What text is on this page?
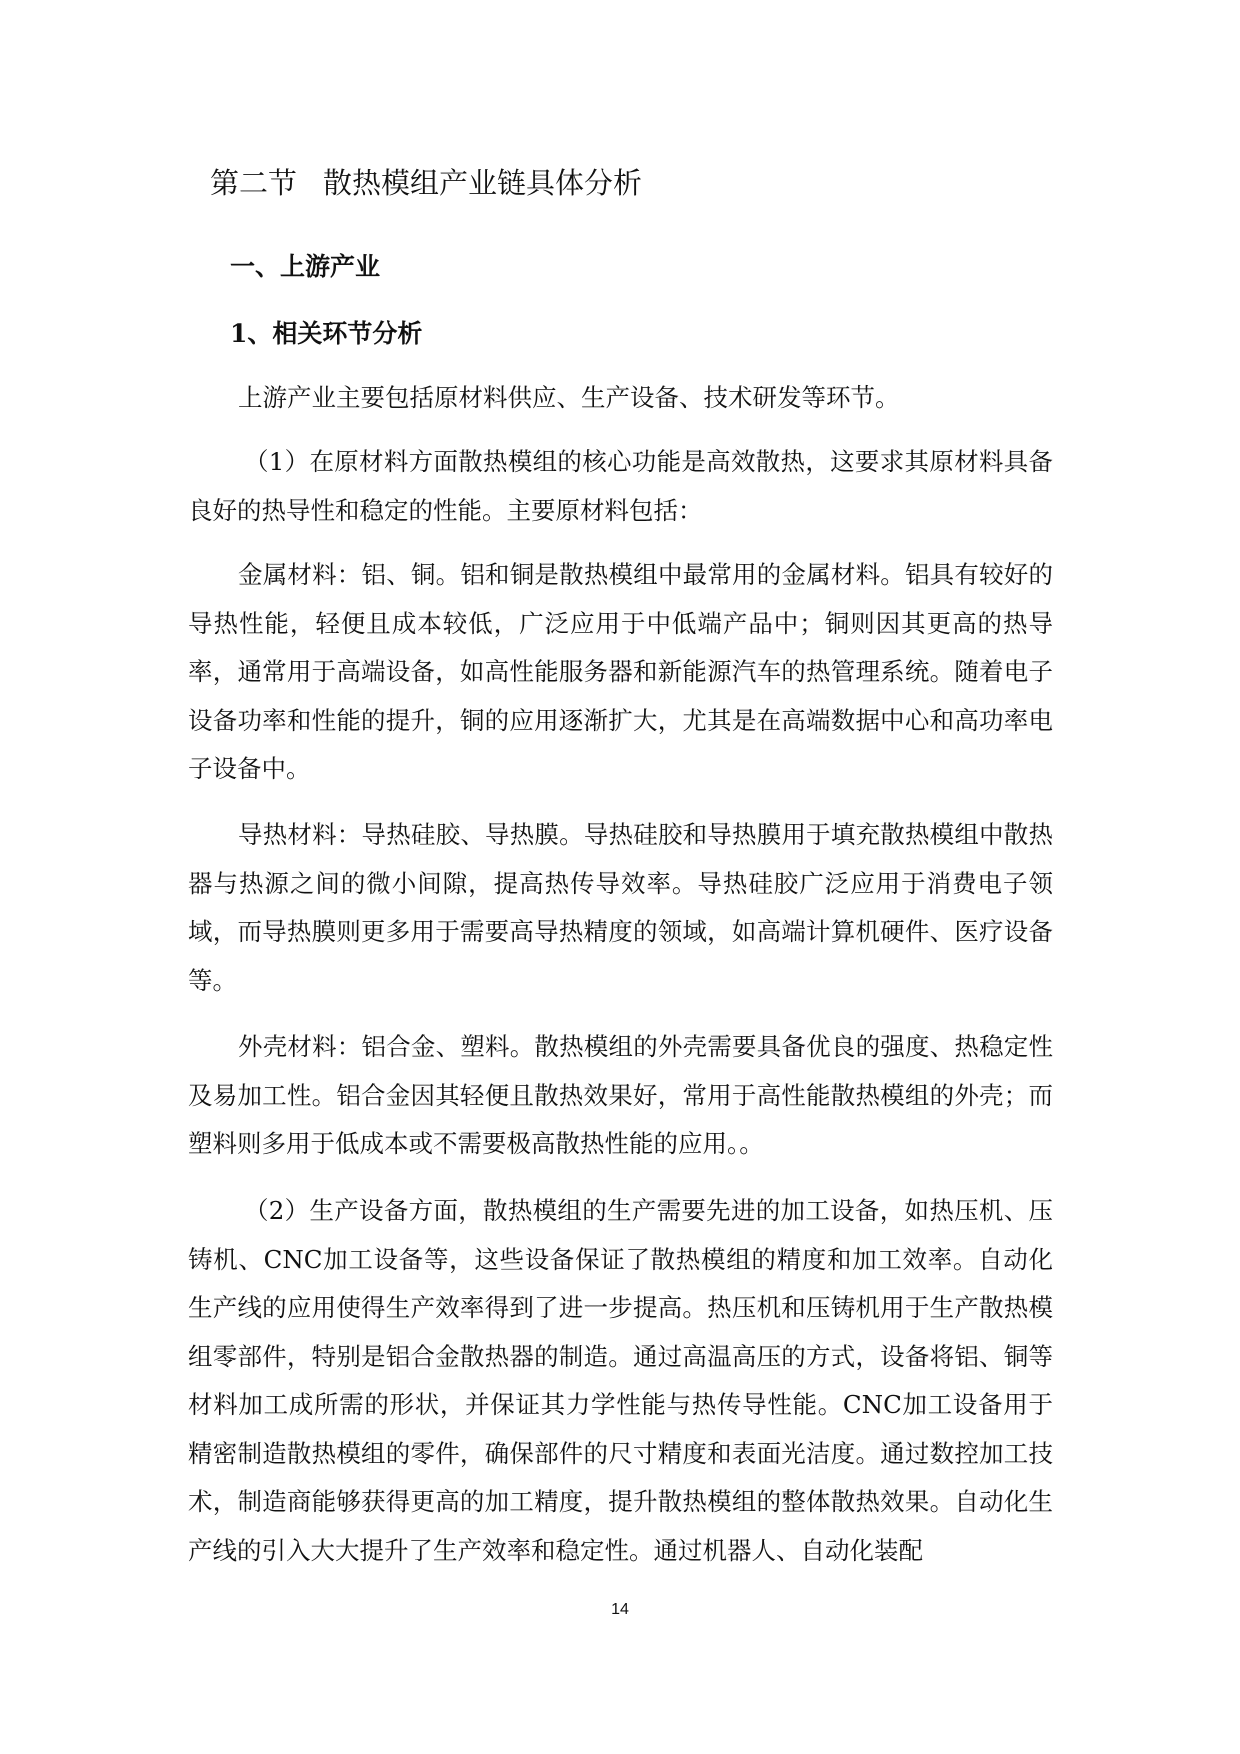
第二节 散热模组产业链具体分析
一、上游产业
1、相关环节分析

上游产业主要包括原材料供应、生产设备、技术研发等环节。

（1）在原材料方面散热模组的核心功能是高效散热，这要求其原材料具备良好的热导性和稳定的性能。主要原材料包括：

金属材料：铝、铜。铝和铜是散热模组中最常用的金属材料。铝具有较好的导热性能，轻便且成本较低，广泛应用于中低端产品中；铜则因其更高的热导率，通常用于高端设备，如高性能服务器和新能源汽车的热管理系统。随着电子设备功率和性能的提升，铜的应用逐渐扩大，尤其是在高端数据中心和高功率电子设备中。

导热材料：导热硅胶、导热膜。导热硅胶和导热膜用于填充散热模组中散热器与热源之间的微小间隙，提高热传导效率。导热硅胶广泛应用于消费电子领域，而导热膜则更多用于需要高导热精度的领域，如高端计算机硬件、医疗设备等。

外壳材料：铝合金、塑料。散热模组的外壳需要具备优良的强度、热稳定性及易加工性。铝合金因其轻便且散热效果好，常用于高性能散热模组的外壳；而塑料则多用于低成本或不需要极高散热性能的应用。。

（2）生产设备方面，散热模组的生产需要先进的加工设备，如热压机、压铸机、CNC加工设备等，这些设备保证了散热模组的精度和加工效率。自动化生产线的应用使得生产效率得到了进一步提高。热压机和压铸机用于生产散热模组零部件，特别是铝合金散热器的制造。通过高温高压的方式，设备将铝、铜等材料加工成所需的形状，并保证其力学性能与热传导性能。CNC加工设备用于精密制造散热模组的零件，确保部件的尺寸精度和表面光洁度。通过数控加工技术，制造商能够获得更高的加工精度，提升散热模组的整体散热效果。自动化生产线的引入大大提升了生产效率和稳定性。通过机器人、自动化装配

14
